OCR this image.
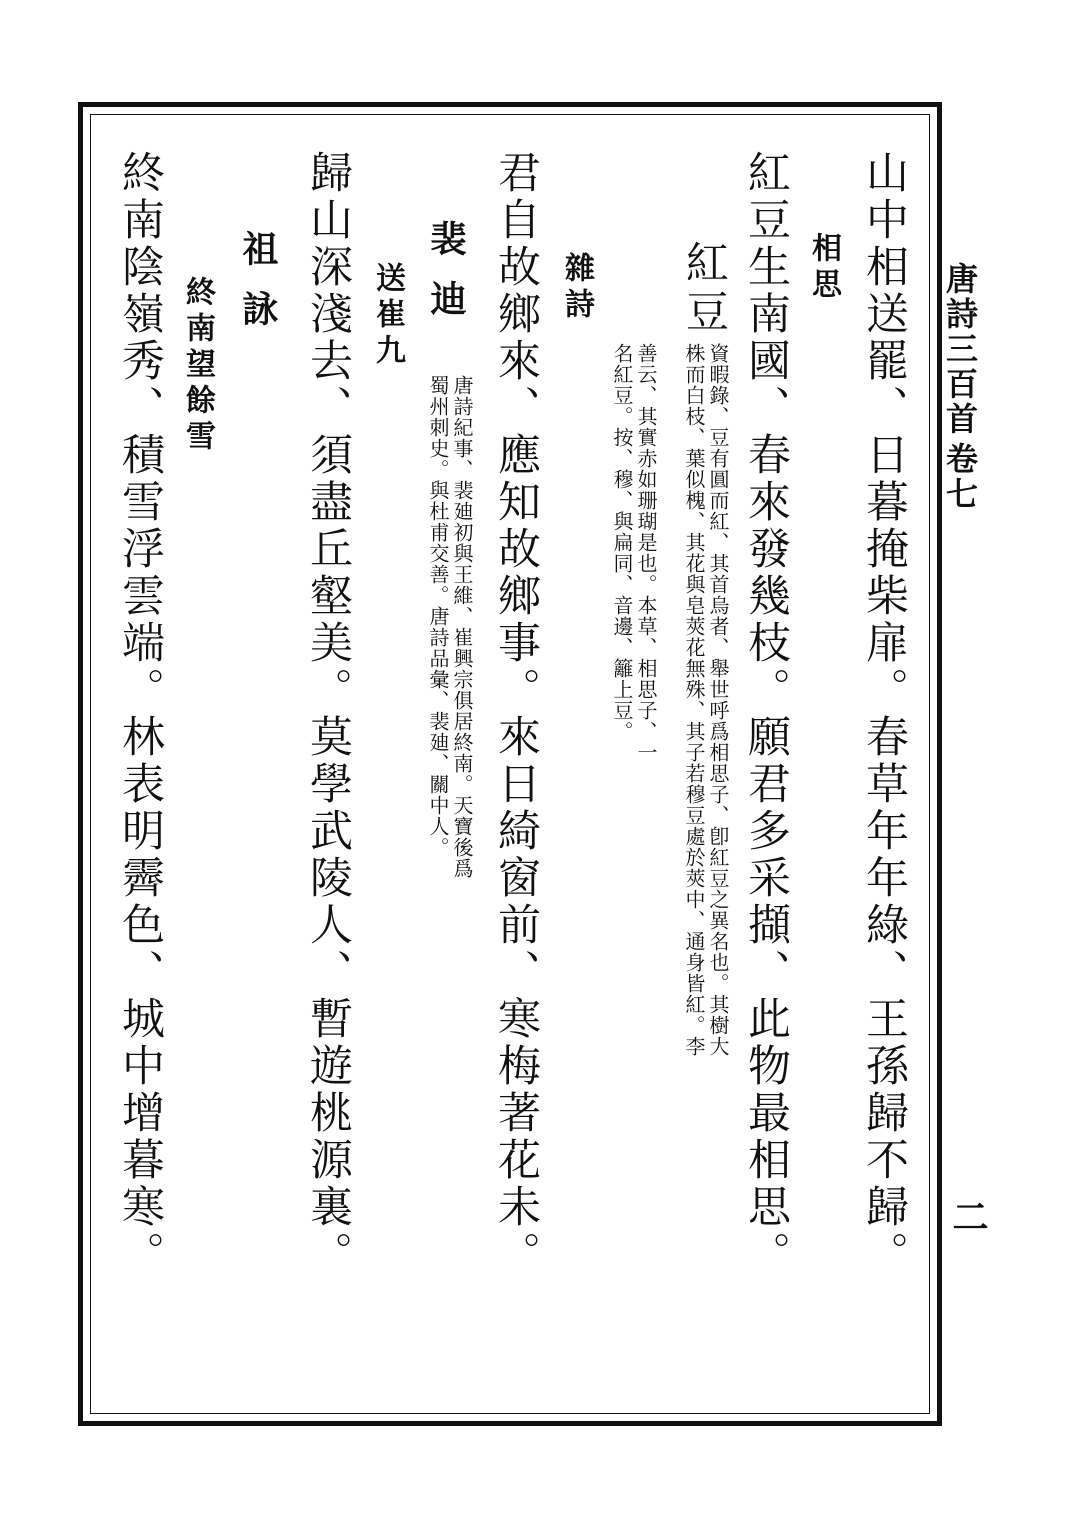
唐詩三百首
卷七
二
山中相送罷、日暮掩柴扉。春草年年綠、王孫歸不歸。
相思
紅豆生南國、春來發幾枝。願君多采擷、此物最相思。
紅豆
資暇錄、豆有圓而紅、其首烏者、舉世呼爲相思子、卽紅豆之異名也。其樹大
株而白枝、葉似槐、其花與皂莢花無殊、其子若穆豆處於莢中、通身皆紅。李
善云、其實赤如珊瑚是也。本草、相思子、一
名紅豆。按、穆、與扁同、音邊、籬上豆。
雜詩
君自故鄉來、應知故鄉事。來日綺窗前、寒梅著花未。
裴迪
唐詩紀事、裴廸初與王維、崔興宗俱居終南。天寶後爲
蜀州刺史。與杜甫交善。唐詩品彙、裴廸、關中人。
送崔九
歸山深淺去、須盡丘壑美。莫學武陵人、暫遊桃源裏。
祖詠
終南望餘雪
終南陰嶺秀、積雪浮雲端。林表明霽色、城中增暮寒。
